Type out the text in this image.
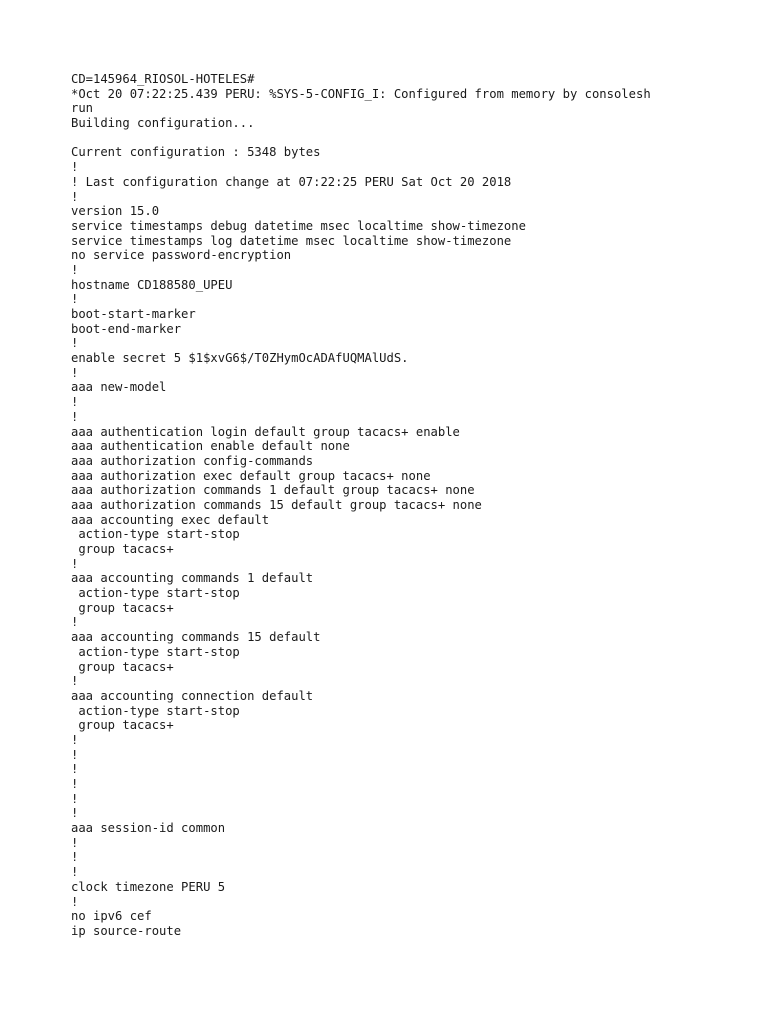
CD=145964_RIOSOL-HOTELES#
*Oct 20 07:22:25.439 PERU: %SYS-5-CONFIG_I: Configured from memory by consolesh
run
Building configuration...
Current configuration : 5348 bytes
!
! Last configuration change at 07:22:25 PERU Sat Oct 20 2018
!
version 15.0
service timestamps debug datetime msec localtime show-timezone
service timestamps log datetime msec localtime show-timezone
no service password-encryption
!
hostname CD188580_UPEU
!
boot-start-marker
boot-end-marker
!
enable secret 5 $1$xvG6$/T0ZHymOcADAfUQMAlUdS.
!
aaa new-model
!
!
aaa authentication login default group tacacs+ enable
aaa authentication enable default none
aaa authorization config-commands
aaa authorization exec default group tacacs+ none
aaa authorization commands 1 default group tacacs+ none
aaa authorization commands 15 default group tacacs+ none
aaa accounting exec default
action-type start-stop
group tacacs+
!
aaa accounting commands 1 default
action-type start-stop
group tacacs+
!
aaa accounting commands 15 default
action-type start-stop
group tacacs+
!
aaa accounting connection default
action-type start-stop
group tacacs+
!
!
!
!
!
!
aaa session-id common
!
!
!
clock timezone PERU 5
!
no ipv6 cef
ip source-route
